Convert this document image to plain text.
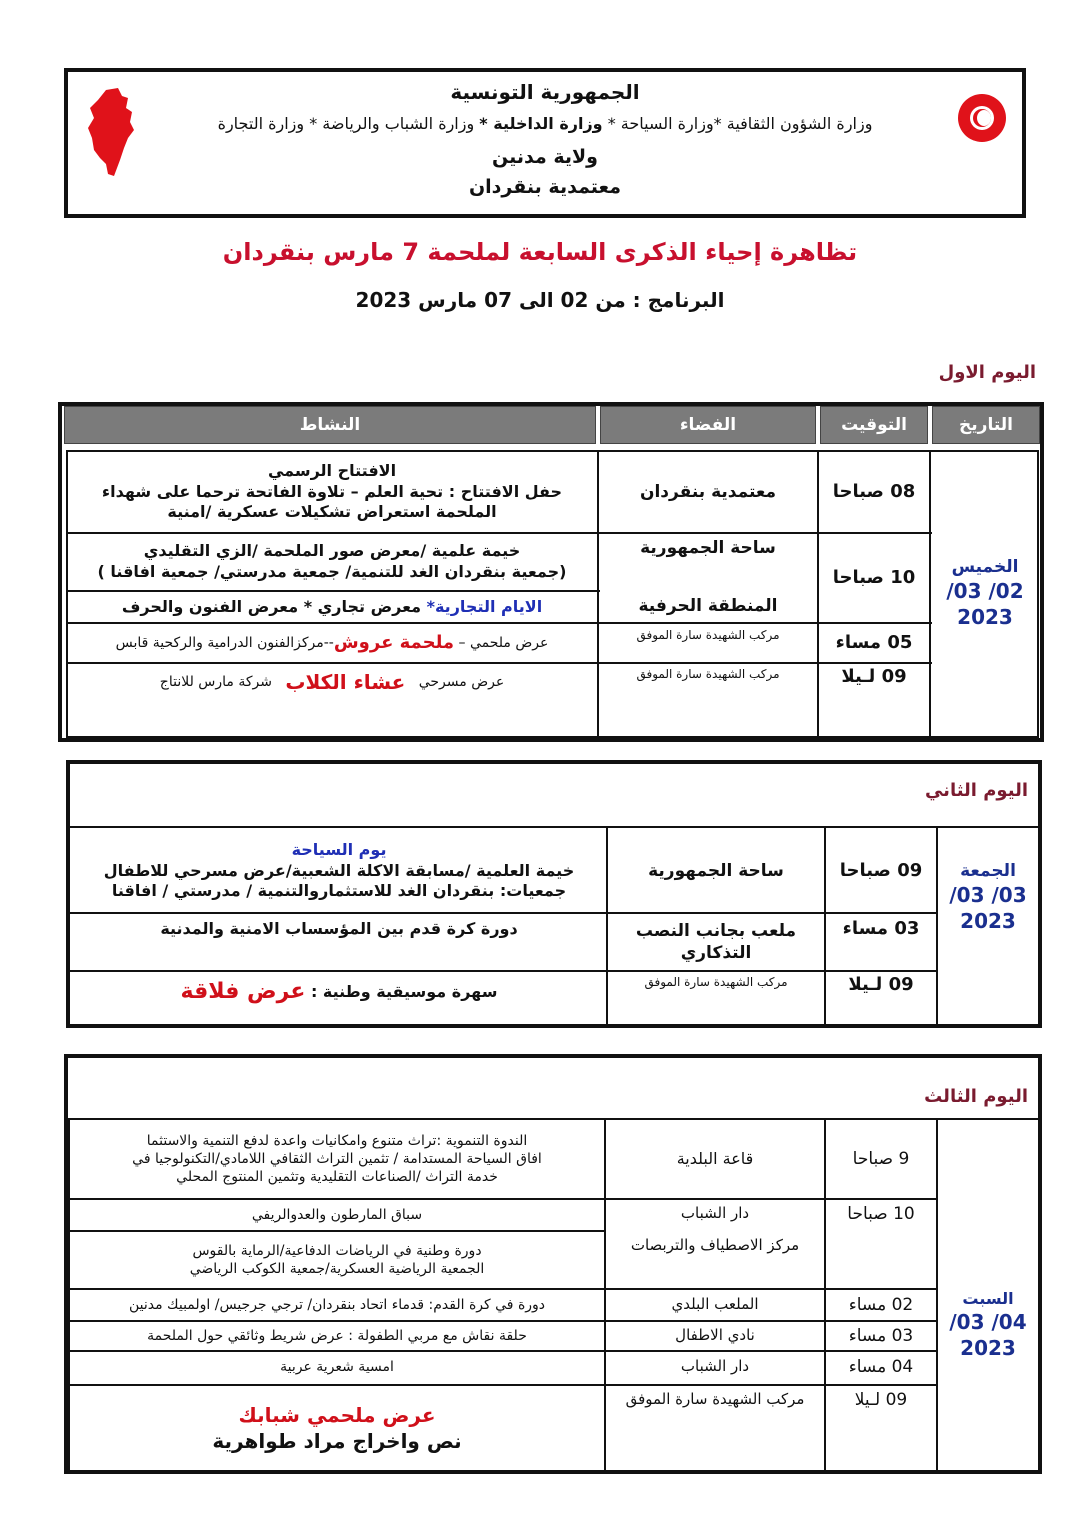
الجمهورية التونسية
وزارة الشؤون الثقافية *وزارة السياحة * وزارة الداخلية * وزارة الشباب والرياضة * وزارة التجارة
ولاية مدنين
معتمدية بنقردان
تظاهرة إحياء الذكرى السابعة لملحمة 7 مارس بنقردان
البرنامج : من 02 الى 07 مارس 2023
اليوم الاول
التاريخ
التوقيت
الفضاء
النشاط
الخميس
02/ 03/
2023
08 صباحا
معتمدية بنقردان
الافتتاح الرسمي
حفل الافتتاح : تحية العلم – تلاوة الفاتحة ترحما على شهداء
الملحمة استعراض تشكيلات عسكرية /امنية
10 صباحا
ساحة الجمهورية
خيمة علمية /معرض صور الملحمة /الزي التقليدي
(جمعية بنقردان الغد للتنمية/ جمعية مدرستي/ جمعية افاقنا )
المنطقة الحرفية
الايام التجارية*

معرض تجاري * معرض الفنون والحرف
05 مساء
مركب الشهيدة سارة الموفق
عرض ملحمي –

ملحمة عروش
--مركزالفنون الدرامية والركحية قابس
09 لـيلا
مركب الشهيدة سارة الموفق
عرض مسرحي

عشاء الكلاب

شركة مارس للانتاج
اليوم الثاني
الجمعة
03/ 03/
2023
09 صباحا
ساحة الجمهورية
يوم السياحة
خيمة العلمية /مسابقة الاكلة الشعبية/عرض مسرحي للاطفال
جمعيات: بنقردان الغد للاستثماروالتنمية / مدرستي / افاقنا
03 مساء
ملعب بجانب النصب التذكاري
دورة كرة قدم بين المؤسساب الامنية والمدنية
09 لـيلا
مركب الشهيدة سارة الموفق
سهرة موسيقية وطنية :

عرض فلاقة
اليوم الثالث
السبت
04/ 03/
2023
9 صباحا
قاعة البلدية
الندوة التنموية :تراث متنوع وامكانيات واعدة لدفع التنمية والاستثما
افاق السياحة المستدامة / تثمين التراث الثقافي اللامادي/التكنولوجيا في
خدمة التراث /الصناعات التقليدية وتثمين المنتوج المحلي
10 صباحا
دار الشباب
سباق المارطون والعدوالريفي
مركز الاصطياف والتربصات
دورة وطنية في الرياضات الدفاعية/الرماية بالقوس
الجمعية الرياضية العسكرية/جمعية الكوكب الرياضي
02 مساء
الملعب البلدي
دورة في كرة القدم: قدماء اتحاد بنقردان/ ترجي جرجيس/ اولمبيك مدنين
03 مساء
نادي الاطفال
حلقة نقاش مع مربي الطفولة : عرض شريط وثائقي حول الملحمة
04 مساء
دار الشباب
امسية شعرية عربية
09 لـيلا
مركب الشهيدة سارة الموفق
عرض ملحمي شبابك
نص واخراج مراد طواهرية
